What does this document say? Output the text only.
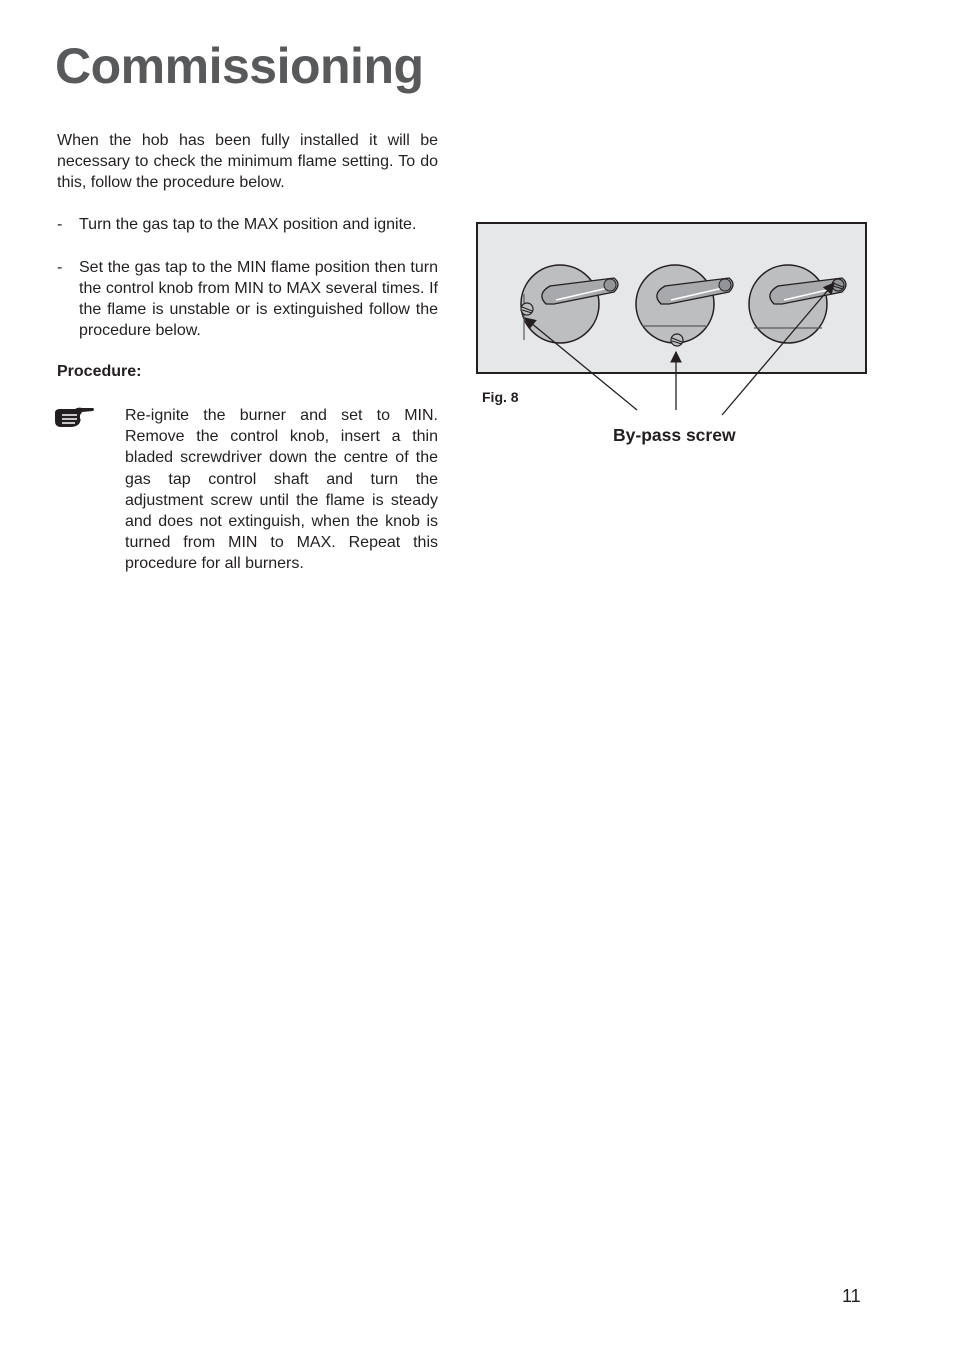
Commissioning

When the hob has been fully installed it will be necessary to check the minimum flame setting. To do this, follow the procedure below.

- Turn the gas tap to the MAX position and ignite.
- Set the gas tap to the MIN flame position then turn the control knob from MIN to MAX several times. If the flame is unstable or is extinguished follow the procedure below.
Procedure:

Re-ignite the burner and set to MIN. Remove the control knob, insert a thin bladed screwdriver down the centre of the gas tap control shaft and turn the adjustment screw until the flame is steady and does not extinguish, when the knob is turned from MIN to MAX. Repeat this procedure for all burners.

Fig. 8
By-pass screw
11
